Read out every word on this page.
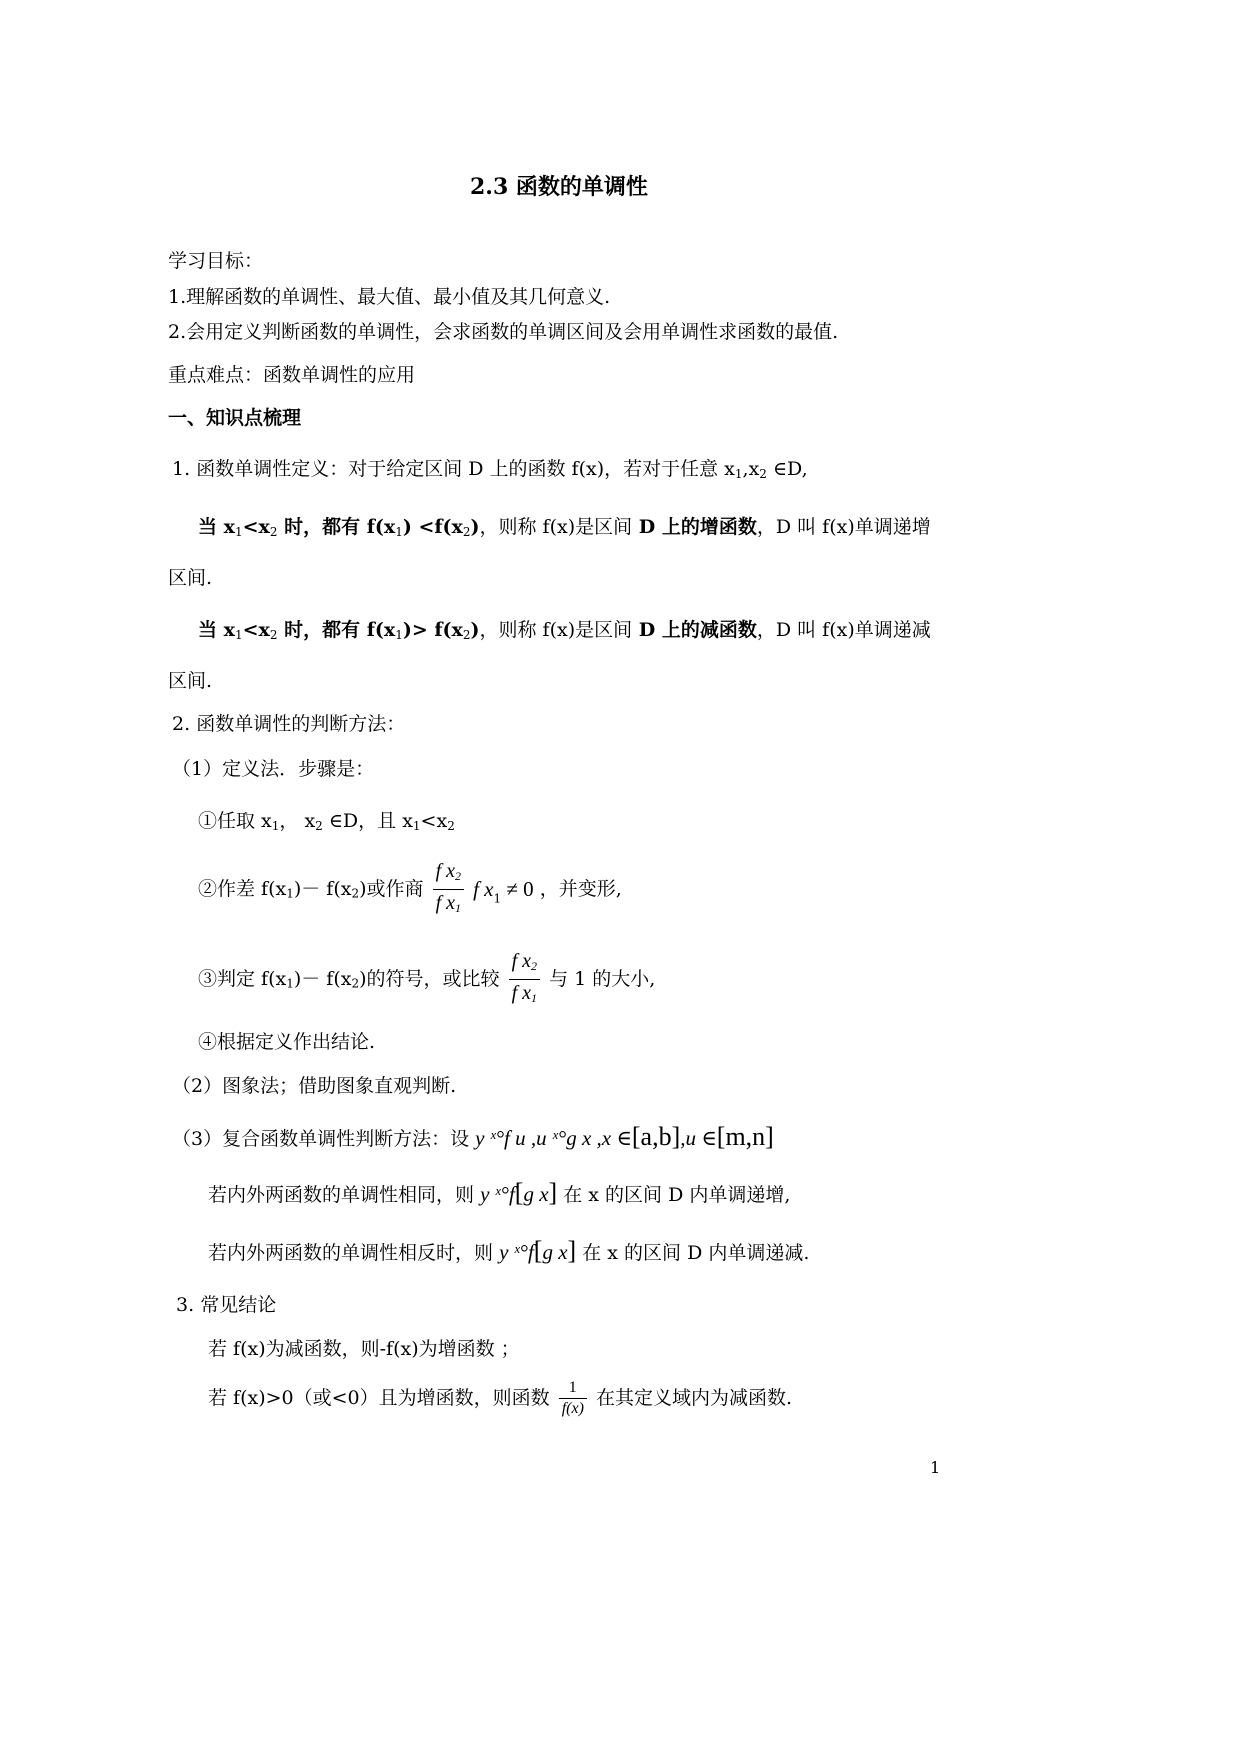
2.3 函数的单调性
学习目标：
1.理解函数的单调性、最大值、最小值及其几何意义.
2.会用定义判断函数的单调性，会求函数的单调区间及会用单调性求函数的最值.
重点难点：函数单调性的应用
一、知识点梳理
1. 函数单调性定义：对于给定区间 D 上的函数 f(x)，若对于任意 $x_1,x_2$ ∈D,
当 $x_1<x_2$ 时，都有 $f(x_1) <f(x_2)$，则称 f(x)是区间 D 上的增函数，D 叫 f(x)单调递增
区间.
当 $x_1<x_2$ 时，都有 $f(x_1)> f(x_2)$，则称 f(x)是区间 D 上的减函数，D 叫 f(x)单调递减
区间.
2. 函数单调性的判断方法：
（1）定义法．步骤是：
①任取 $x_1$， $x_2$ ∈D，且 $x_1<x_2$
②作差 $f(x_1)- f(x_2)$或作商 $\frac{f x_2}{f x_1}$ f $x_1 \ne 0$ ，并变形,
③判定 $f(x_1)- f(x_2)$的符号，或比较 $\frac{f x_2}{f x_1}$ 与 1 的大小,
④根据定义作出结论.
（2）图象法；借助图象直观判断.
（3）复合函数单调性判断方法：设 y ˣ°f u ,u ˣ°g x ,x ∈[a,b],u ∈[m,n]
若内外两函数的单调性相同，则 y ˣ°f[g x] 在 x 的区间 D 内单调递增,
若内外两函数的单调性相反时，则 y ˣ°f[g x] 在 x 的区间 D 内单调递减.
3. 常见结论
若 f(x)为减函数，则-f(x)为增函数 ；
若 f(x)>0（或<0）且为增函数，则函数 $\frac{1}{f(x)}$ 在其定义域内为减函数.
1
